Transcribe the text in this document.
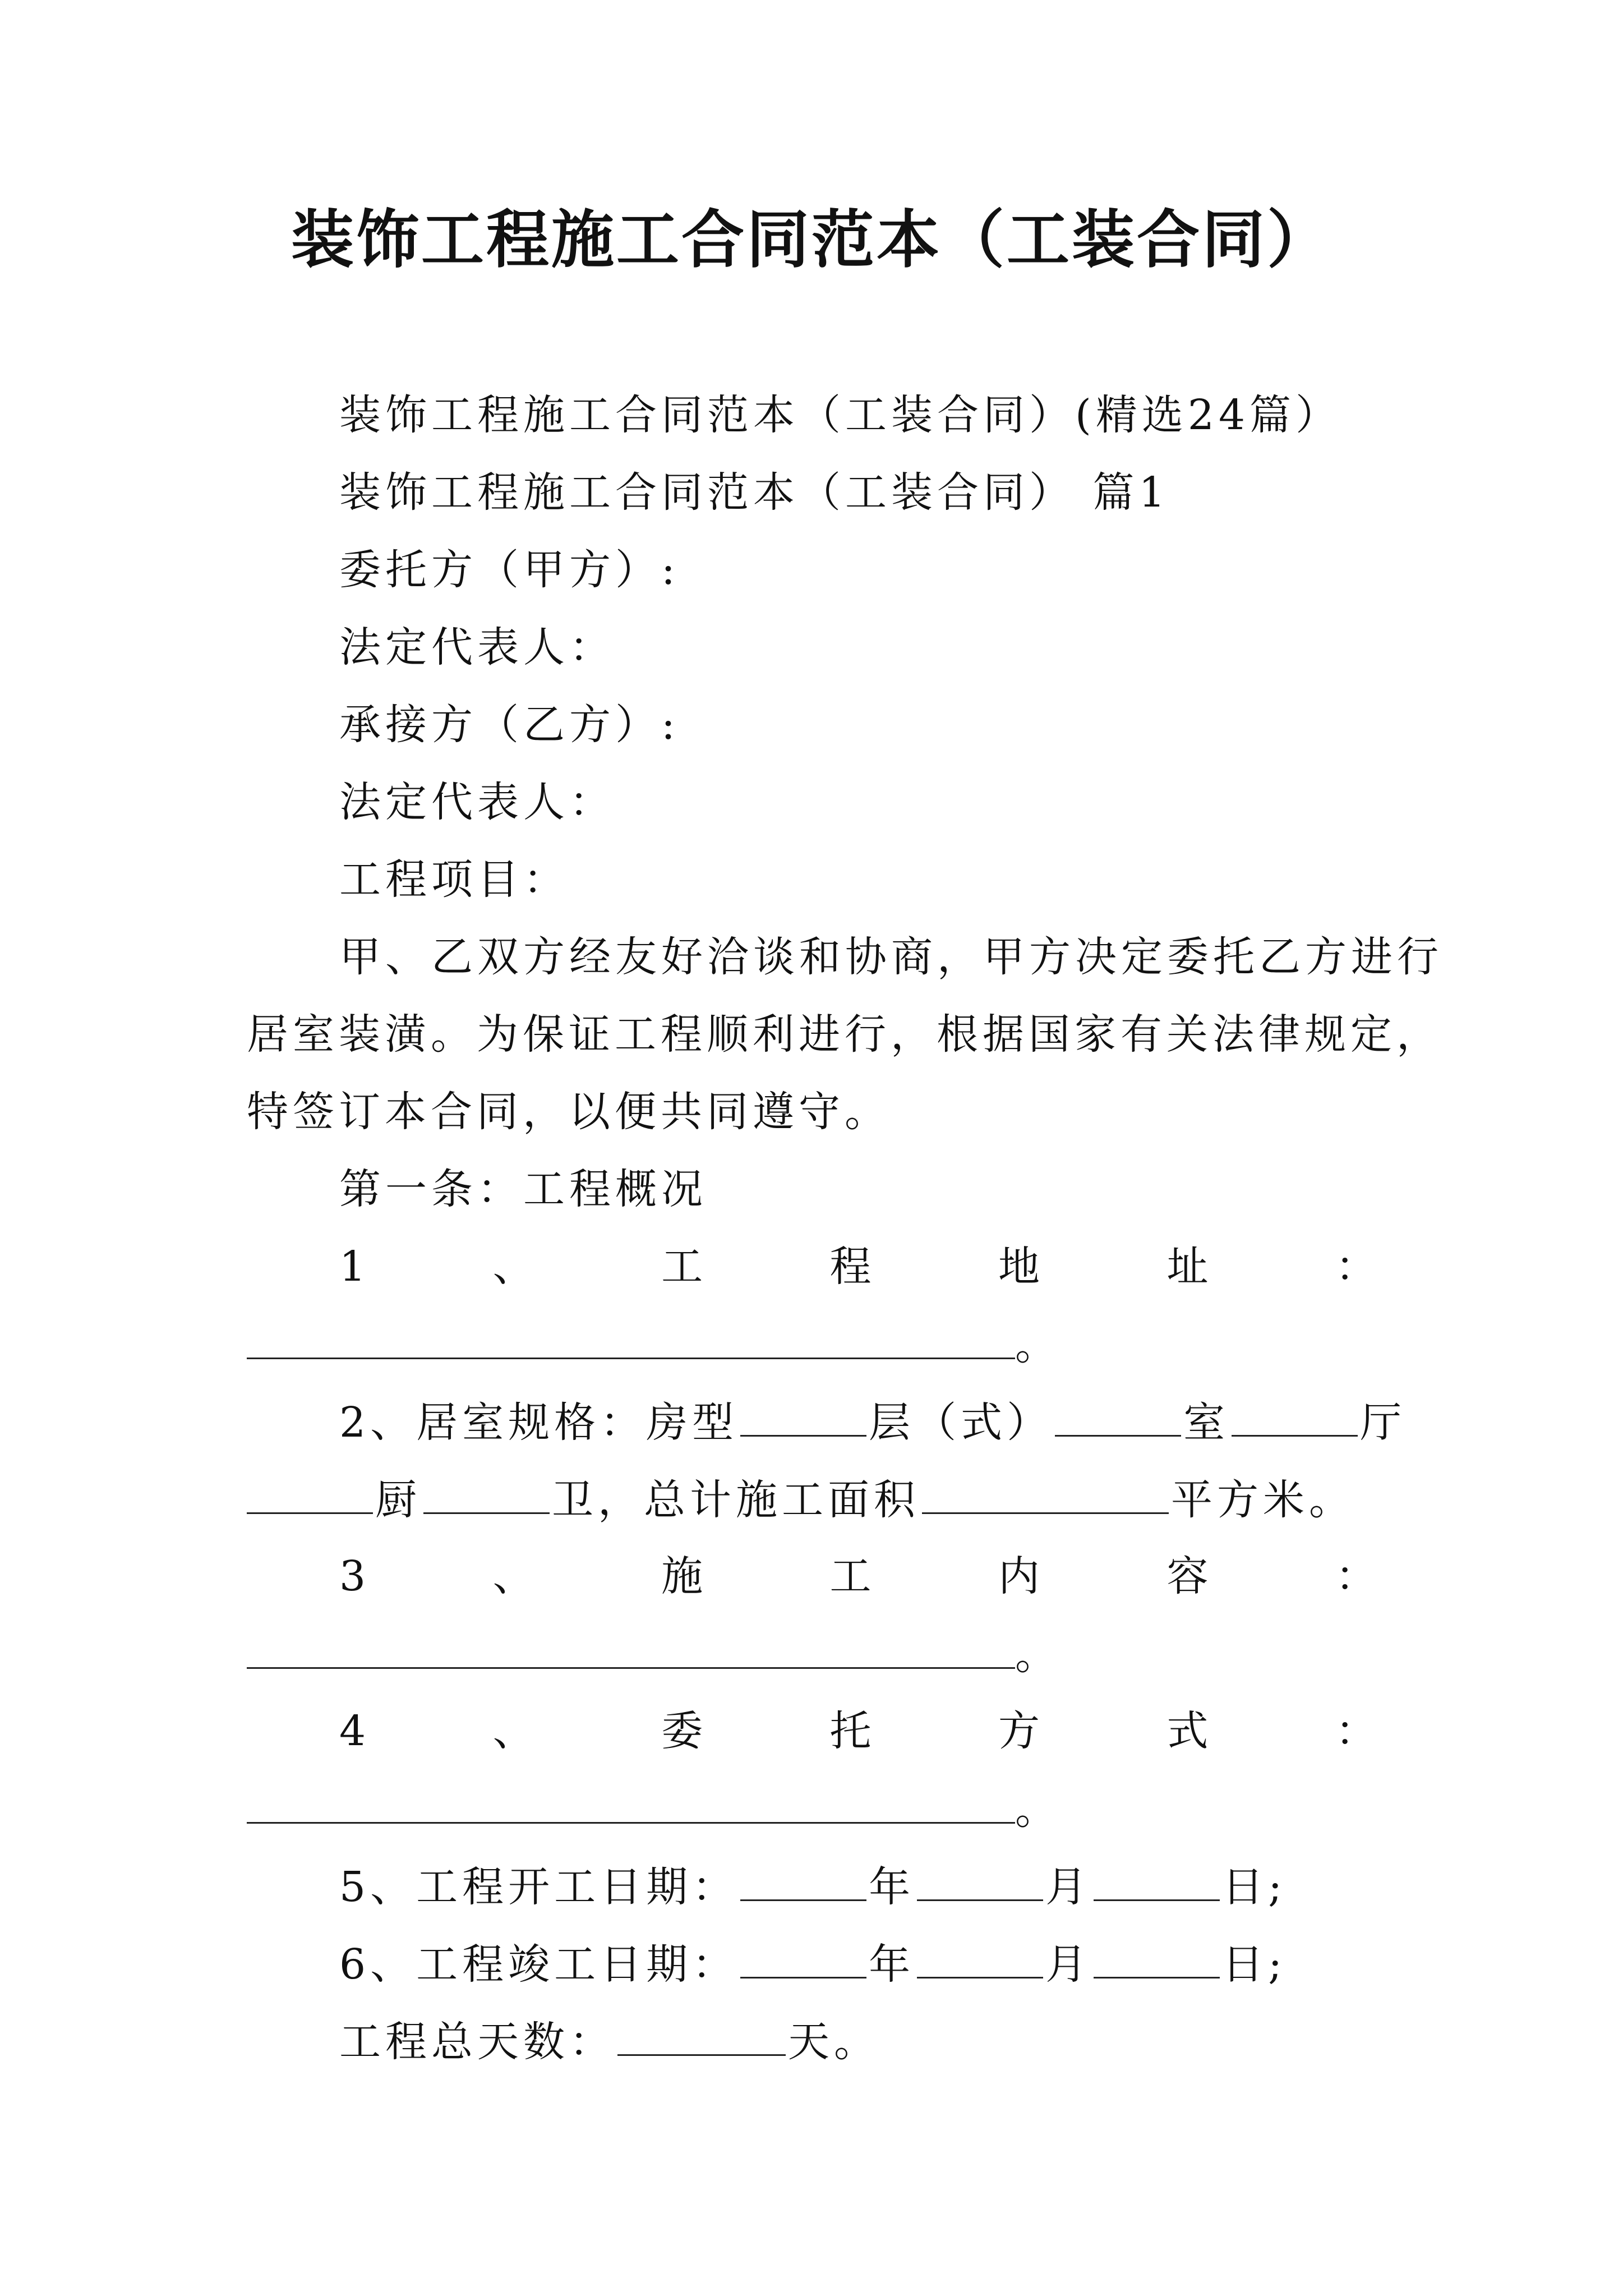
装饰工程施工合同范本（工装合同）
装饰工程施工合同范本（工装合同）(精选24篇）
装饰工程施工合同范本（工装合同） 篇1
委托方（甲方）:
法定代表人：
承接方（乙方）:
法定代表人：
工程项目：
甲、乙双方经友好洽谈和协商，甲方决定委托乙方进行
居室装潢。为保证工程顺利进行，根据国家有关法律规定，
特签订本合同，以便共同遵守。
第一条：工程概况
1	、	工	程	地	址	：
。
2、居室规格：房型	层（式）	室	厅
厨	卫，总计施工面积	平方米。
3	、	施	工	内	容	：
。
4	、	委	托	方	式	：
。
5、工程开工日期：	年	月	日;
6、工程竣工日期：	年	月	日;
工程总天数：	天。
